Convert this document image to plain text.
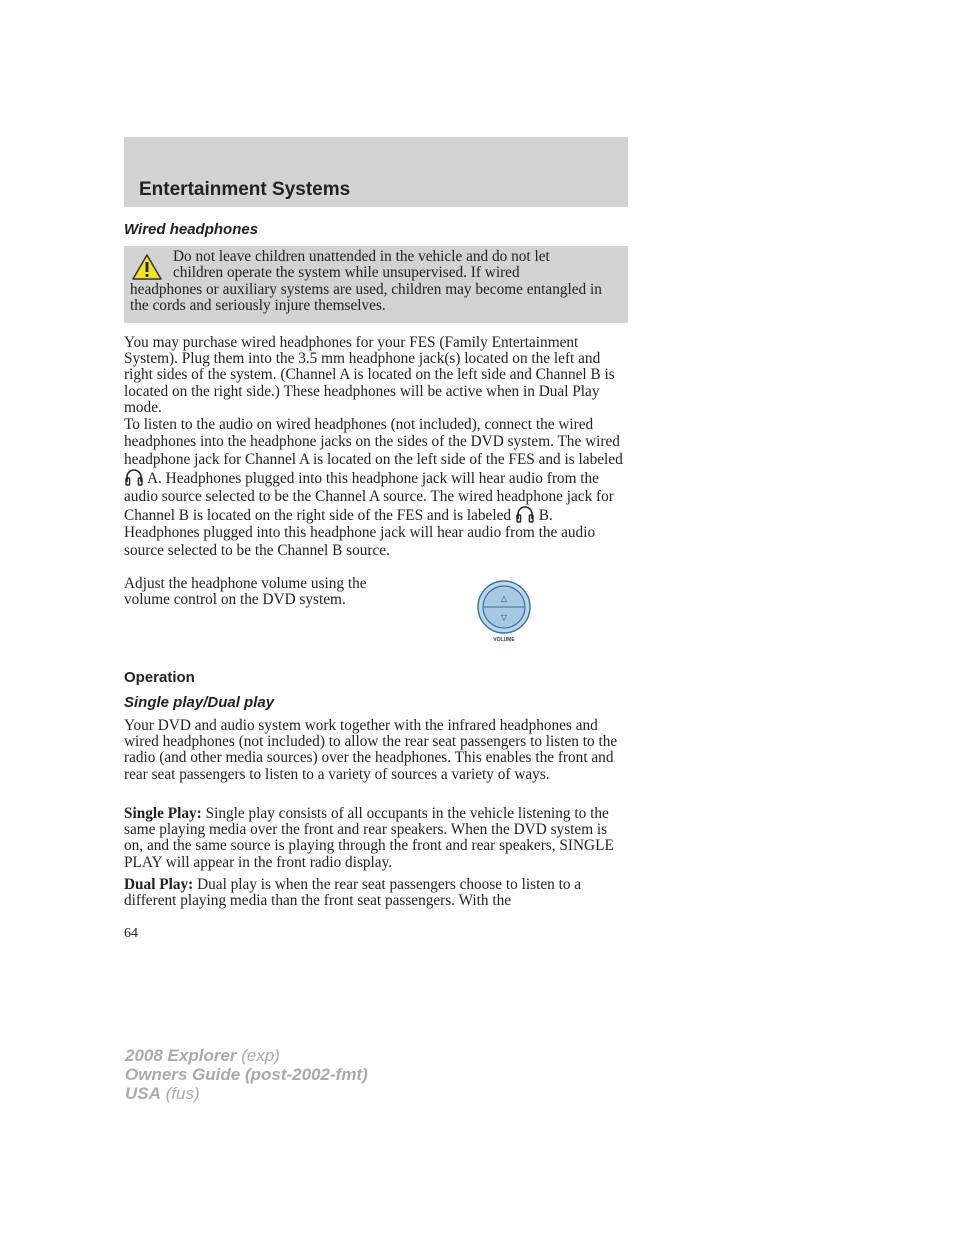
Entertainment Systems
Wired headphones

Do not leave children unattended in the vehicle and do not let
children operate the system while unsupervised. If wired
headphones or auxiliary systems are used, children may become entangled in the cords and seriously injure themselves.

You may purchase wired headphones for your FES (Family Entertainment System). Plug them into the 3.5 mm headphone jack(s) located on the left and right sides of the system. (Channel A is located on the left side and Channel B is located on the right side.) These headphones will be active when in Dual Play mode.

To listen to the audio on wired headphones (not included), connect the wired headphones into the headphone jacks on the sides of the DVD system. The wired headphone jack for Channel A is located on the left side of the FES and is labeled  A. Headphones plugged into this headphone jack will hear audio from the audio source selected to be the Channel A source. The wired headphone jack for Channel B is located on the right side of the FES and is labeled B. Headphones plugged into this headphone jack will hear audio from the audio source selected to be the Channel B source.

Adjust the headphone volume using the volume control on the DVD system.	△
▽
VOLUME
Operation
Single play/Dual play

Your DVD and audio system work together with the infrared headphones and wired headphones (not included) to allow the rear seat passengers to listen to the radio (and other media sources) over the headphones. This enables the front and rear seat passengers to listen to a variety of sources a variety of ways.

Single Play: Single play consists of all occupants in the vehicle listening to the same playing media over the front and rear speakers. When the DVD system is on, and the same source is playing through the front and rear speakers, SINGLE PLAY will appear in the front radio display.

Dual Play: Dual play is when the rear seat passengers choose to listen to a different playing media than the front seat passengers. With the

64

2008 Explorer (exp)
Owners Guide (post-2002-fmt)
USA (fus)
